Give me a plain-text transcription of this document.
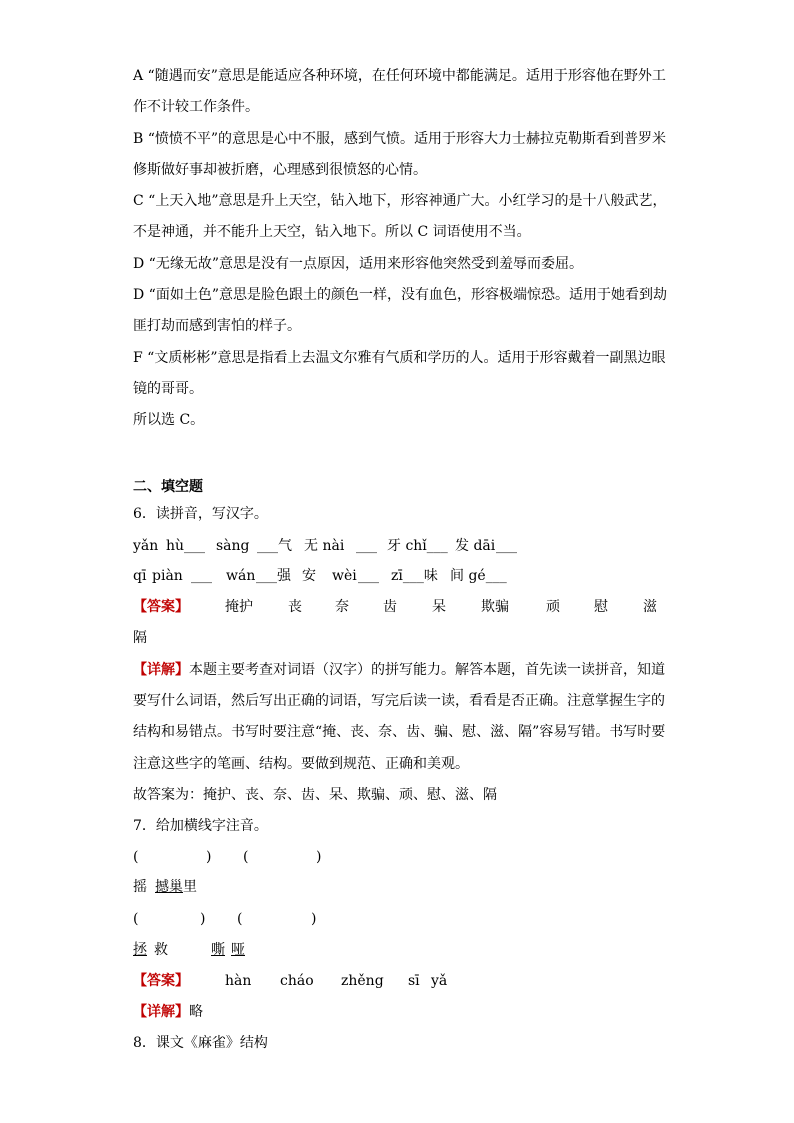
A “随遇而安”意思是能适应各种环境，在任何环境中都能满足。适用于形容他在野外工
作不计较工作条件。
B “愤愤不平”的意思是心中不服，感到气愤。适用于形容大力士赫拉克勒斯看到普罗米
修斯做好事却被折磨，心理感到很愤怒的心情。
C “上天入地”意思是升上天空，钻入地下，形容神通广大。小红学习的是十八般武艺，
不是神通，并不能升上天空，钻入地下。所以 C 词语使用不当。
D “无缘无故”意思是没有一点原因，适用来形容他突然受到羞辱而委屈。
D “面如土色”意思是脸色跟土的颜色一样，没有血色，形容极端惊恐。适用于她看到劫
匪打劫而感到害怕的样子。
F “文质彬彬”意思是指看上去温文尔雅有气质和学历的人。适用于形容戴着一副黑边眼
镜的哥哥。
所以选 C。
二、填空题
6．读拼音，写汉字。
yǎn hù___ sàng ___气 无 nài ___ 牙 chǐ___ 发 dāi ___
qī piàn ___ wán ___强 安 wèi ___ zī___味 间 gé___
【答案】	掩护	丧 奈 齿	呆	欺骗	顽 慰	滋
隔
【详解】本题主要考查对词语（汉字）的拼写能力。解答本题，首先读一读拼音，知道
要写什么词语，然后写出正确的词语，写完后读一读，看看是否正确。注意掌握生字的
结构和易错点。书写时要注意“掩、丧、奈、齿、骗、慰、滋、隔”容易写错。书写时要
注意这些字的笔画、结构。要做到规范、正确和美观。
故答案为：掩护、丧、奈、齿、呆、欺骗、顽、慰、滋、隔
7．给加横线字注音。
(	) (	)
摇 撼 巢 里
(	) (	)
拯 救	嘶 哑
【答案】	hàn cháo zhěng sī yǎ
【详解】略
8．课文《麻雀》结构
